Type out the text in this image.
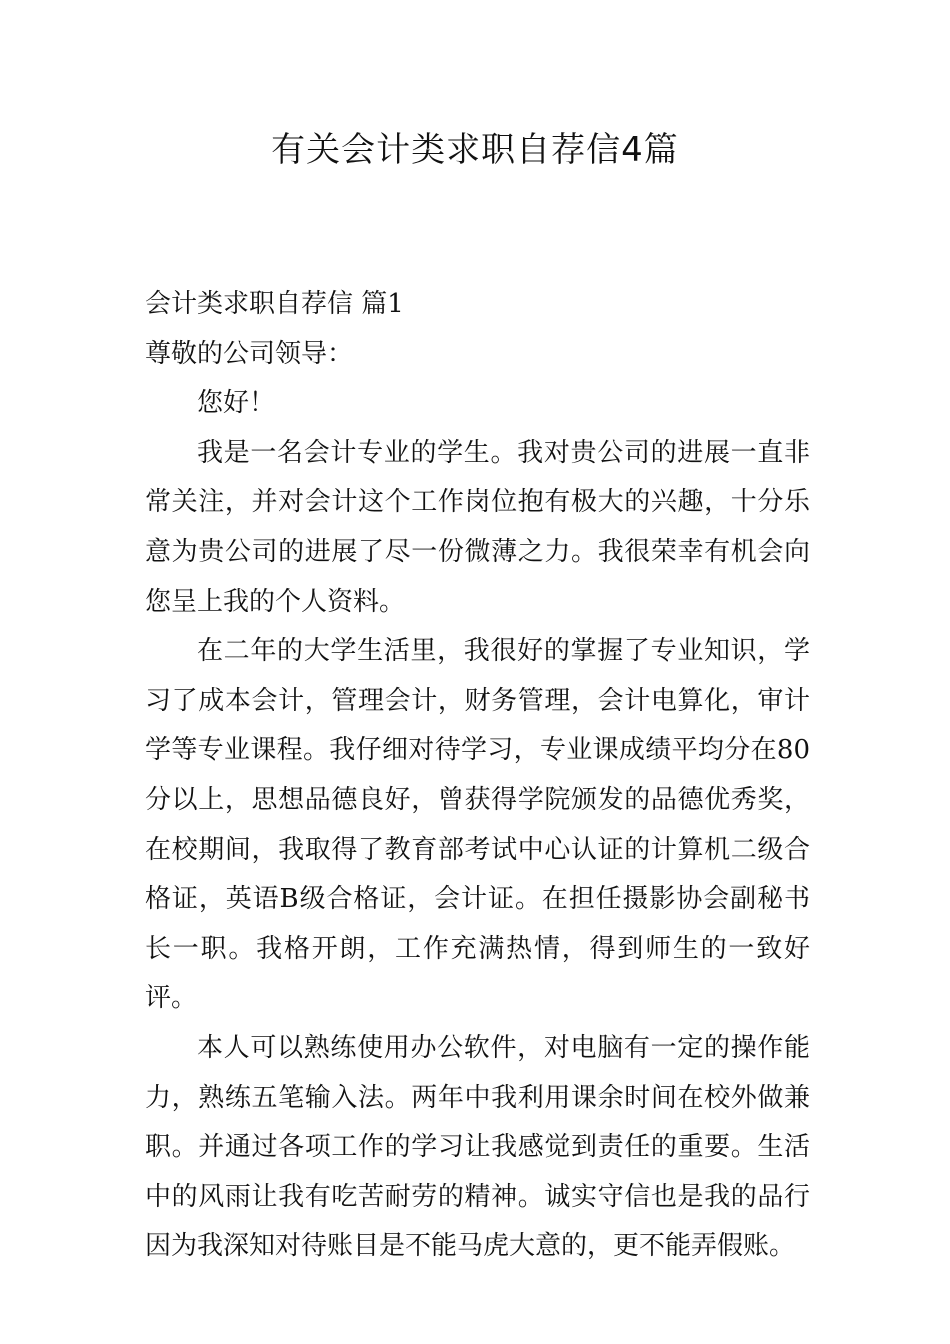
有关会计类求职自荐信4篇

会计类求职自荐信 篇1

尊敬的公司领导：

您好！

我是一名会计专业的学生。我对贵公司的进展一直非常关注，并对会计这个工作岗位抱有极大的兴趣，十分乐意为贵公司的进展了尽一份微薄之力。我很荣幸有机会向您呈上我的个人资料。

在二年的大学生活里，我很好的掌握了专业知识，学习了成本会计，管理会计，财务管理，会计电算化，审计学等专业课程。我仔细对待学习，专业课成绩平均分在80分以上，思想品德良好，曾获得学院颁发的品德优秀奖，在校期间，我取得了教育部考试中心认证的计算机二级合格证，英语B级合格证，会计证。在担任摄影协会副秘书长一职。我格开朗，工作充满热情，得到师生的一致好评。

本人可以熟练使用办公软件，对电脑有一定的操作能力，熟练五笔输入法。两年中我利用课余时间在校外做兼职。并通过各项工作的学习让我感觉到责任的重要。生活中的风雨让我有吃苦耐劳的精神。诚实守信也是我的品行因为我深知对待账目是不能马虎大意的，更不能弄假账。
